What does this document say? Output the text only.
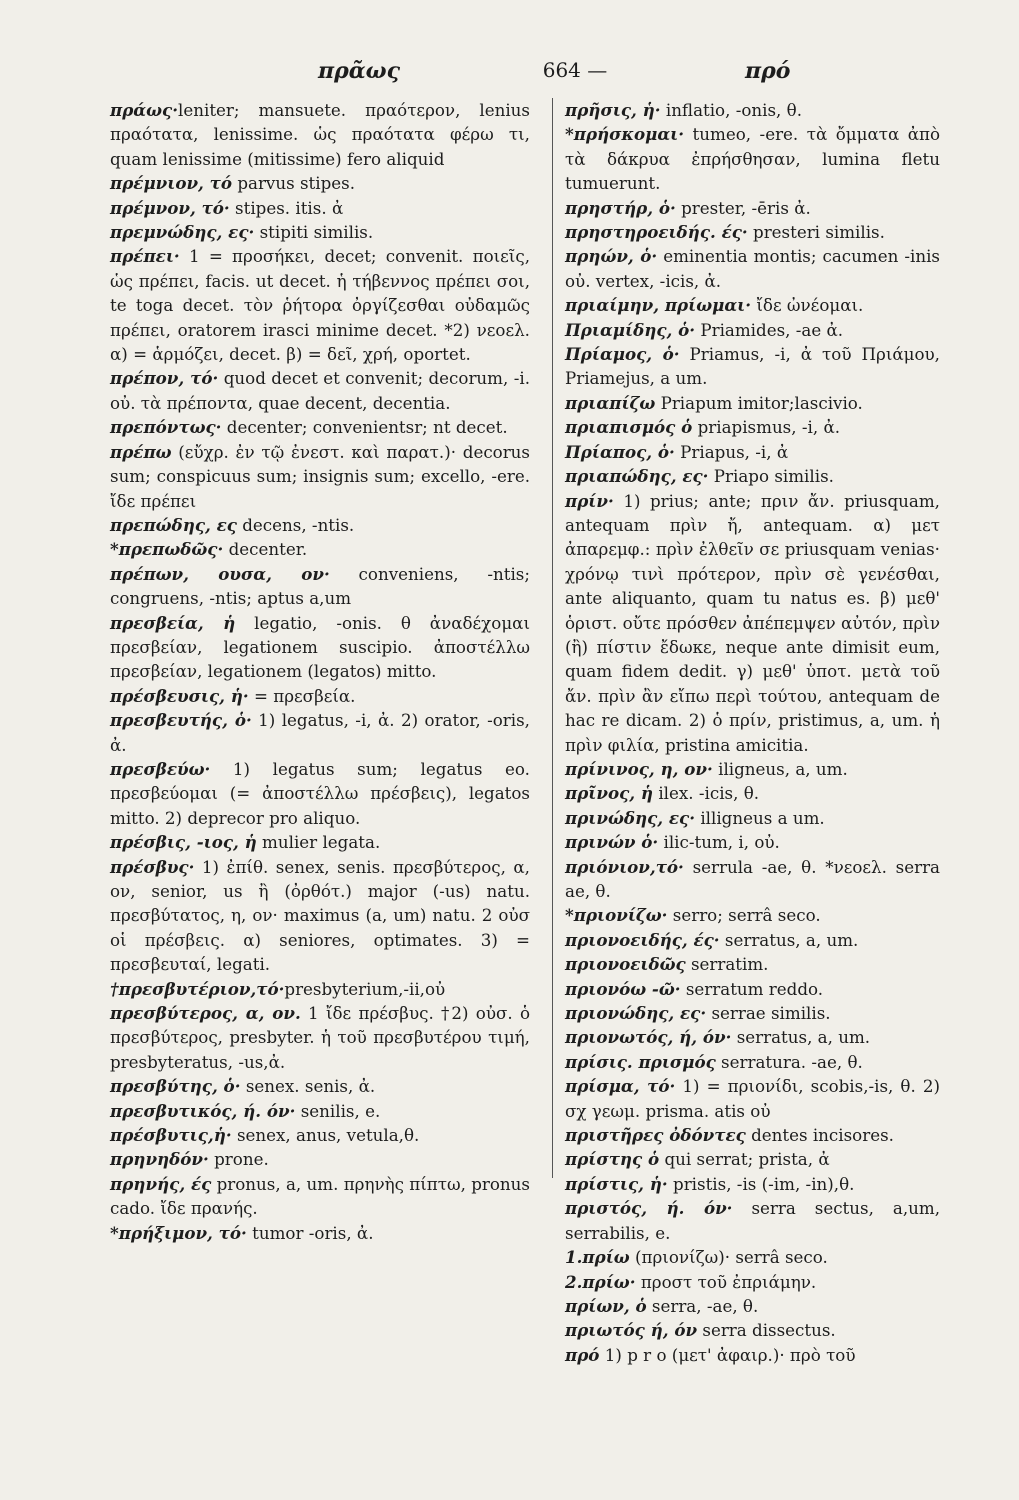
πρᾶως	664 —	πρό

πράως·leniter; mansuete. πραότερον, lenius πραότατα, lenissime. ὡς πραότατα φέρω τι, quam lenissime (mitissime) fero aliquid

πρέμνιον, τό parvus stipes.

πρέμνον, τό· stipes. itis. ἀ

πρεμνώδης, ες· stipiti similis.

πρέπει· 1 = προσήκει, decet; convenit. ποιεῖς, ὡς πρέπει, facis. ut decet. ἡ τήβεννος πρέπει σοι, te toga decet. τὸν ῥήτορα ὀργίζεσθαι οὐδαμῶς πρέπει, oratorem irasci minime decet. *2) νεοελ. α) = ἁρμόζει, decet. β) = δεῖ, χρή, oportet.

πρέπον, τό· quod decet et convenit; decorum, -i. οὐ. τὰ πρέποντα, quae decent, decentia.

πρεπόντως· decenter; convenientsr; nt decet.

πρέπω (εὔχρ. ἐν τῷ ἐνεστ. καὶ παρατ.)· decorus sum; conspicuus sum; insignis sum; excello, -ere. ἴδε πρέπει

πρεπώδης, ες decens, -ntis.

*πρεπωδῶς· decenter.

πρέπων, ουσα, ον· conveniens, -ntis; congruens, -ntis; aptus a,um

πρεσβεία, ἡ legatio, -onis. θ ἀναδέχομαι πρεσβείαν, legationem suscipio. ἀποστέλλω πρεσβείαν, legationem (legatos) mitto.

πρέσβευσις, ἡ· = πρεσβεία.

πρεσβευτής, ὁ· 1) legatus, -i, ἀ. 2) orator, -oris, ἀ.

πρεσβεύω· 1) legatus sum; legatus eo. πρεσβεύομαι (= ἀποστέλλω πρέσβεις), legatos mitto. 2) deprecor pro aliquo.

πρέσβις, -ιος, ἡ mulier legata.

πρέσβυς· 1) ἐπίθ. senex, senis. πρεσβύτερος, α, ον, senior, us ἢ (ὀρθότ.) major (-us) natu. πρεσβύτατος, η, ον· maximus (a, um) natu. 2 οὐσ οἱ πρέσβεις. α) seniores, optimates. 3) = πρεσβευταί, legati.

†πρεσβυτέριον,τό·presbyterium,-ii,οὐ

πρεσβύτερος, α, ον. 1 ἴδε πρέσβυς. †2) οὐσ. ὁ πρεσβύτερος, presbyter. ἡ τοῦ πρεσβυτέρου τιμή, presbyteratus, -us,ἀ.

πρεσβύτης, ὁ· senex. senis, ἀ.

πρεσβυτικός, ή. όν· senilis, e.

πρέσβυτις,ἡ· senex, anus, vetula,θ.

πρηνηδόν· prone.

πρηνής, ές pronus, a, um. πρηνὴς πίπτω, pronus cado. ἴδε πρανής.

*πρήξιμον, τό· tumor -oris, ἀ.

πρῆσις, ἡ· inflatio, -onis, θ.

*πρήσκομαι· tumeo, -ere. τὰ ὄμματα ἀπὸ τὰ δάκρυα ἐπρήσθησαν, lumina fletu tumuerunt.

πρηστήρ, ὁ· prester, -ēris ἀ.

πρηστηροειδής. ές· presteri similis.

πρηών, ὁ· eminentia montis; cacumen -inis οὐ. vertex, -icis, ἀ.

πριαίμην, πρίωμαι· ἴδε ὠνέομαι.

Πριαμίδης, ὁ· Priamides, -ae ἀ.

Πρίαμος, ὁ· Priamus, -i, ἀ τοῦ Πριάμου, Priamejus, a um.

πριαπίζω Priapum imitor;lascivio.

πριαπισμός ὁ priapismus, -i, ἀ.

Πρίαπος, ὁ· Priapus, -i, ἀ

πριαπώδης, ες· Priapo similis.

πρίν· 1) prius; ante; πριν ἄν. priusquam, antequam πρὶν ἤ, antequam. α) μετ ἀπαρεμφ.: πρὶν ἐλθεῖν σε priusquam venias· χρόνῳ τινὶ πρότερον, πρὶν σὲ γενέσθαι, ante aliquanto, quam tu natus es. β) μεθ' ὁριστ. οὔτε πρόσθεν ἀπέπεμψεν αὐτόν, πρὶν (ἢ) πίστιν ἔδωκε, neque ante dimisit eum, quam fidem dedit. γ) μεθ' ὑποτ. μετὰ τοῦ ἄν. πρὶν ἂν εἴπω περὶ τούτου, antequam de hac re dicam. 2) ὁ πρίν, pristimus, a, um. ἡ πρὶν φιλία, pristina amicitia.

πρίνινος, η, ον· iligneus, a, um.

πρῖνος, ἡ ilex. -icis, θ.

πρινώδης, ες· illigneus a um.

πρινών ὁ· ilic-tum, i, οὐ.

πριόνιον,τό· serrula -ae, θ. *νεοελ. serra ae, θ.

*πριονίζω· serro; serrâ seco.

πριονοειδής, ές· serratus, a, um.

πριονοειδῶς serratim.

πριονόω -ῶ· serratum reddo.

πριονώδης, ες· serrae similis.

πριονωτός, ή, όν· serratus, a, um.

πρίσις. πρισμός serratura. -ae, θ.

πρίσμα, τό· 1) = πριονίδι, scobis,-is, θ. 2) σχ γεωμ. prisma. atis οὐ

πριστῆρες ὀδόντες dentes incisores.

πρίστης ὁ qui serrat; prista, ἀ

πρίστις, ἡ· pristis, -is (-im, -in),θ.

πριστός, ή. όν· serra sectus, a,um, serrabilis, e.

1.πρίω (πριονίζω)· serrâ seco.

2.πρίω· προστ τοῦ ἐπριάμην.

πρίων, ὁ serra, -ae, θ.

πριωτός ή, όν serra dissectus.

πρό 1) p r o (μετ' ἀφαιρ.)· πρὸ τοῦ
